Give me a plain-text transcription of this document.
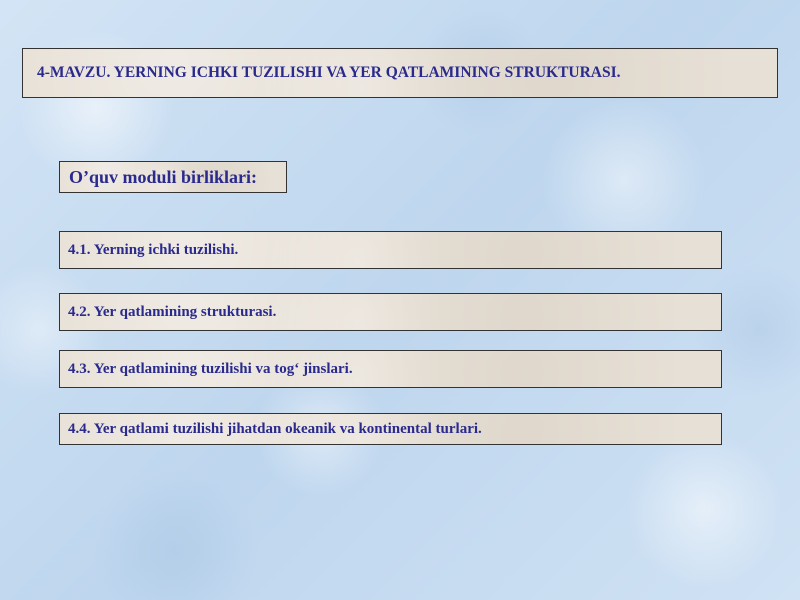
4-MAVZU. YERNING ICHKI TUZILISHI VA YER QATLAMINING STRUKTURASI.
O’quv moduli birliklari:
4.1. Yerning ichki tuzilishi.
4.2. Yer qatlamining strukturasi.
4.3. Yer qatlamining tuzilishi va tog‘ jinslari.
4.4. Yer qatlami tuzilishi jihatdan okeanik va kontinental turlari.
